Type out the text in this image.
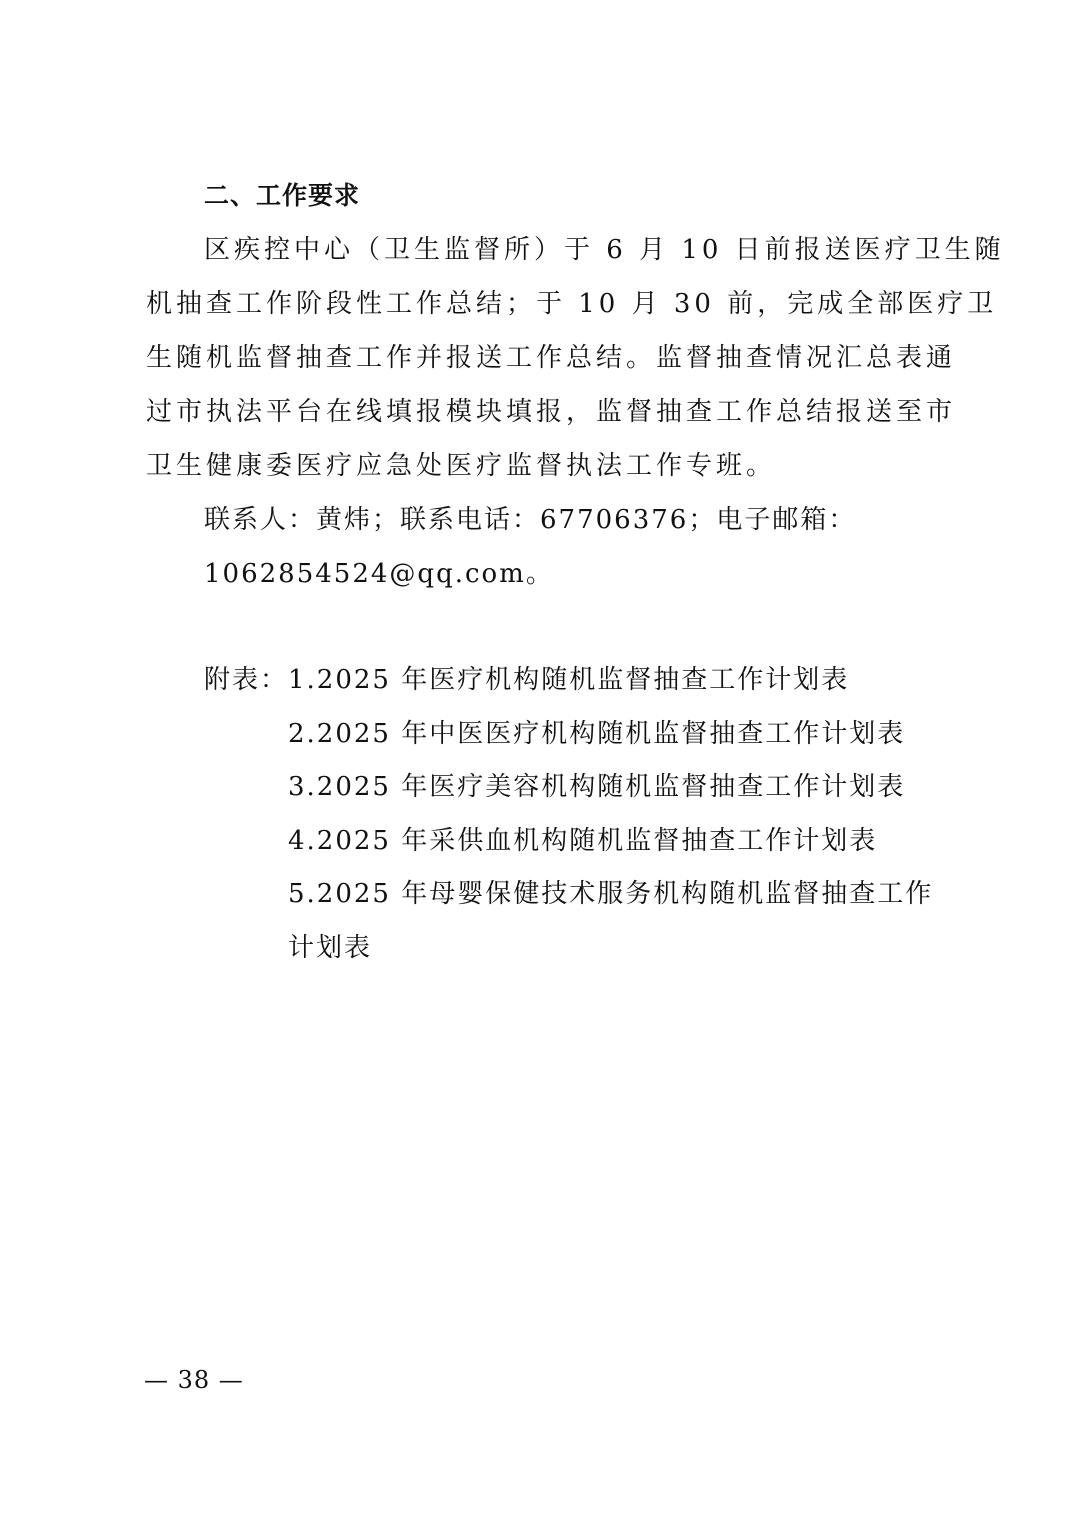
二、工作要求
区疾控中心（卫生监督所）于 6 月 10 日前报送医疗卫生随
机抽查工作阶段性工作总结；于 10 月 30 前，完成全部医疗卫
生随机监督抽查工作并报送工作总结。监督抽查情况汇总表通
过市执法平台在线填报模块填报，监督抽查工作总结报送至市
卫生健康委医疗应急处医疗监督执法工作专班。
联系人：黄炜；联系电话：67706376；电子邮箱：
1062854524@qq.com。
附表： 1.2025 年医疗机构随机监督抽查工作计划表
2.2025 年中医医疗机构随机监督抽查工作计划表
3.2025 年医疗美容机构随机监督抽查工作计划表
4.2025 年采供血机构随机监督抽查工作计划表
5.2025 年母婴保健技术服务机构随机监督抽查工作
计划表
— 38 —
